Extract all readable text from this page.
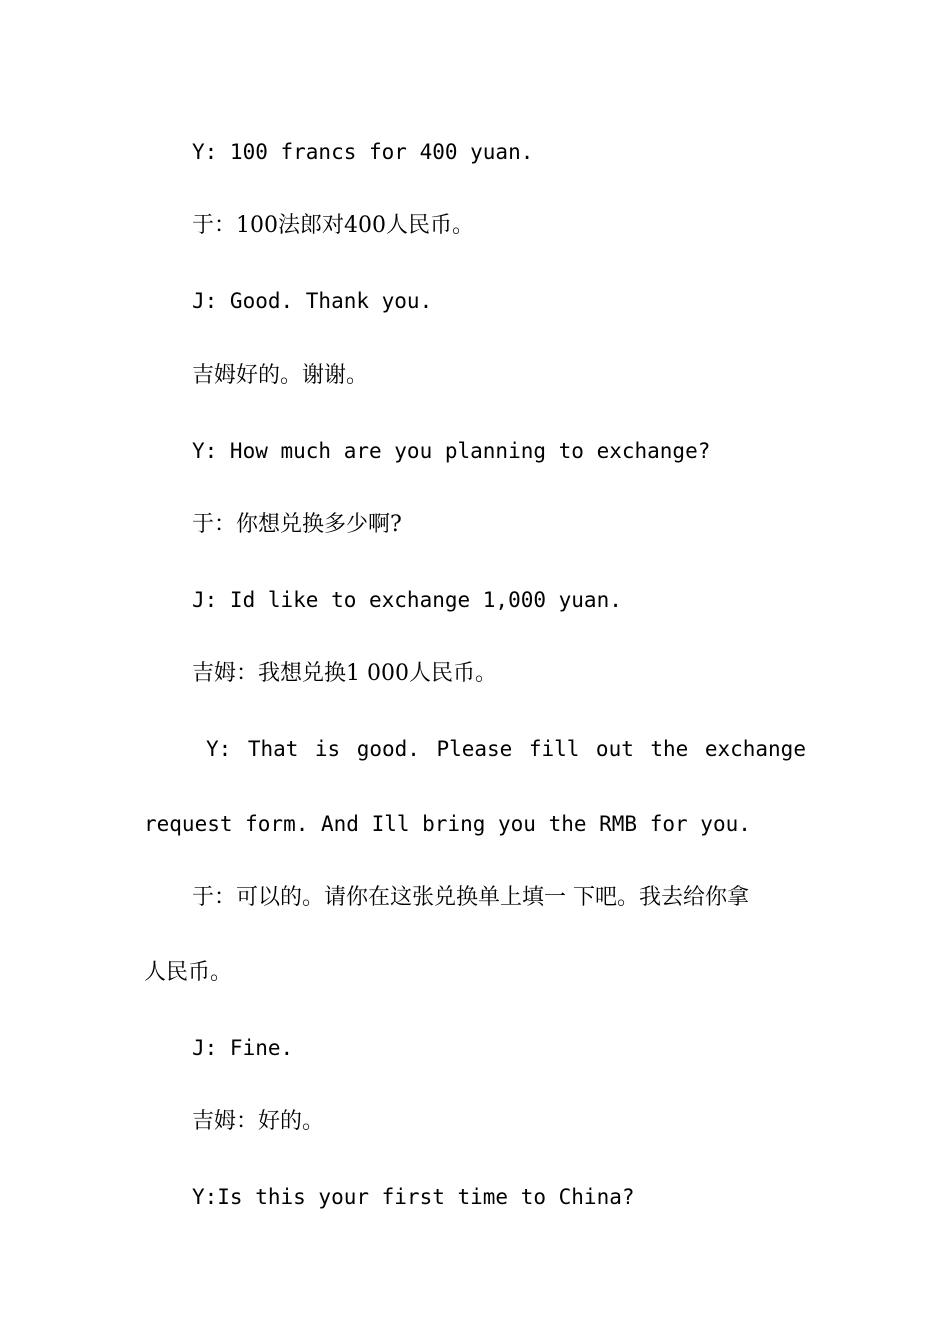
Y: 100 francs for 400 yuan.
于：100法郎对400人民币。
J: Good. Thank you.
吉姆好的。谢谢。
Y: How much are you planning to exchange?
于：你想兑换多少啊?
J: Id like to exchange 1,000 yuan.
吉姆：我想兑换1 000人民币。
Y: That is good. Please fill out the exchange
request form. And Ill bring you the RMB for you.
于：可以的。请你在这张兑换单上填一 下吧。我去给你拿
人民币。
J: Fine.
吉姆：好的。
Y:Is this your first time to China?
